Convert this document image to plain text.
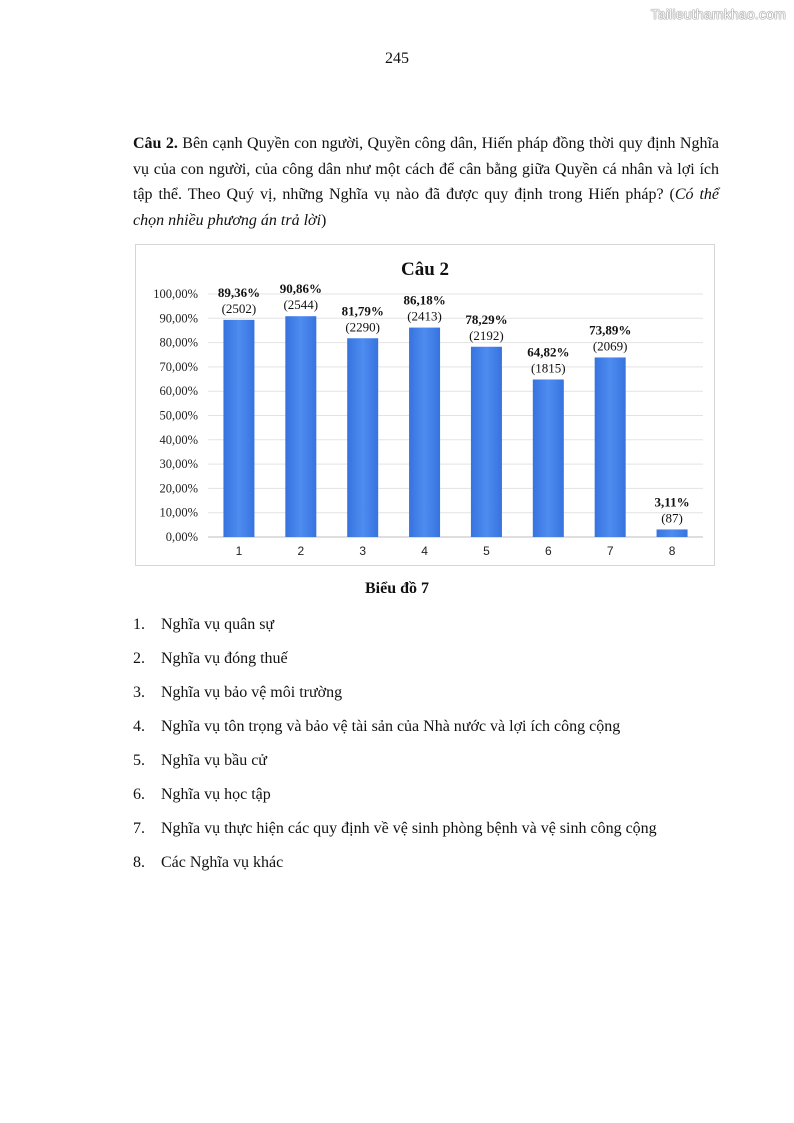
Tailieuthamkhao.com
245
Câu 2. Bên cạnh Quyền con người, Quyền công dân, Hiến pháp đồng thời quy định Nghĩa vụ của con người, của công dân như một cách để cân bằng giữa Quyền cá nhân và lợi ích tập thể. Theo Quý vị, những Nghĩa vụ nào đã được quy định trong Hiến pháp? (Có thể chọn nhiều phương án trả lời)
Câu 2
0,00%
10,00%
20,00%
30,00%
40,00%
50,00%
60,00%
70,00%
80,00%
90,00%
100,00%
1	2	3	4	5	6	7	8
89,36%
(2502)
90,86%
(2544) 81,79%
(2290)
86,18%
(2413) 78,29%
(2192)
64,82%
(1815)
73,89%
(2069)
3,11%
(87)
Biểu đồ 7
1. Nghĩa vụ quân sự
2. Nghĩa vụ đóng thuế
3. Nghĩa vụ bảo vệ môi trường
4. Nghĩa vụ tôn trọng và bảo vệ tài sản của Nhà nước và lợi ích công cộng
5. Nghĩa vụ bầu cử
6. Nghĩa vụ học tập
7. Nghĩa vụ thực hiện các quy định về vệ sinh phòng bệnh và vệ sinh công cộng
8. Các Nghĩa vụ khác
